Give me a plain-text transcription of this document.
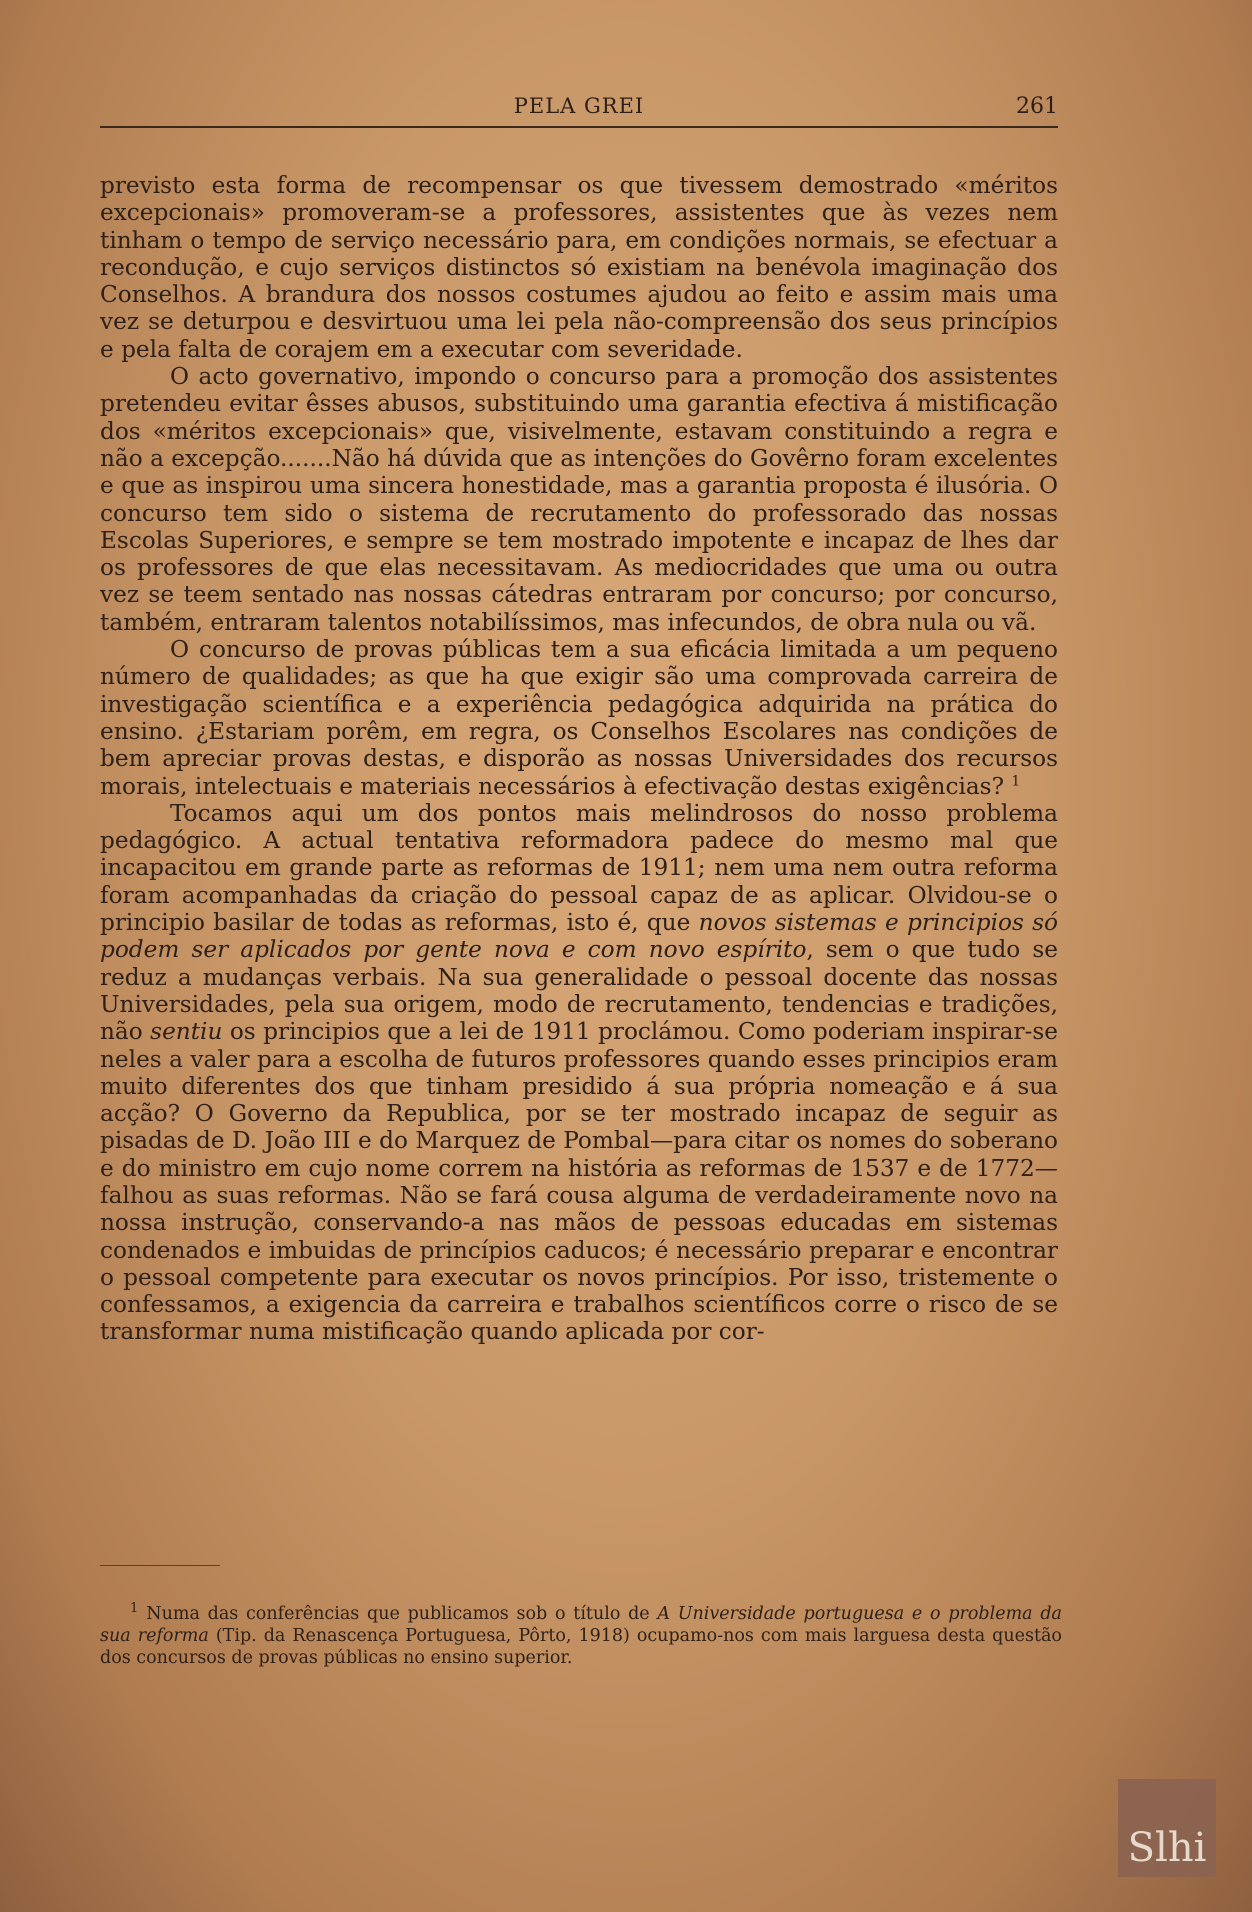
PELA GREI	261

previsto esta forma de recompensar os que tivessem demostrado «méritos excepcionais» promoveram-se a professores, assistentes que às vezes nem tinham o tempo de serviço necessário para, em condições normais, se efectuar a recondução, e cujo serviços distinctos só existiam na benévola imaginação dos Conselhos. A brandura dos nossos costumes ajudou ao feito e assim mais uma vez se deturpou e desvirtuou uma lei pela não-compreensão dos seus princípios e pela falta de corajem em a executar com severidade.

O acto governativo, impondo o concurso para a promoção dos assistentes pretendeu evitar êsses abusos, substituindo uma garantia efectiva á mistificação dos «méritos excepcionais» que, visivelmente, estavam constituindo a regra e não a excepção.......Não há dúvida que as intenções do Govêrno foram excelentes e que as inspirou uma sincera honestidade, mas a garantia proposta é ilusória. O concurso tem sido o sistema de recrutamento do professorado das nossas Escolas Superiores, e sempre se tem mostrado impotente e incapaz de lhes dar os professores de que elas necessitavam. As mediocridades que uma ou outra vez se teem sentado nas nossas cátedras entraram por concurso; por concurso, também, entraram talentos notabilíssimos, mas infecundos, de obra nula ou vã.

O concurso de provas públicas tem a sua eficácia limitada a um pequeno número de qualidades; as que ha que exigir são uma comprovada carreira de investigação scientífica e a experiência pedagógica adquirida na prática do ensino. ¿Estariam porêm, em regra, os Conselhos Escolares nas condições de bem apreciar provas destas, e disporão as nossas Universidades dos recursos morais, intelectuais e materiais necessários à efectivação destas exigências? $^1$

Tocamos aqui um dos pontos mais melindrosos do nosso problema pedagógico. A actual tentativa reformadora padece do mesmo mal que incapacitou em grande parte as reformas de 1911; nem uma nem outra reforma foram acompanhadas da criação do pessoal capaz de as aplicar. Olvidou-se o principio basilar de todas as reformas, isto é, que novos sistemas e principios só podem ser aplicados por gente nova e com novo espírito, sem o que tudo se reduz a mudanças verbais. Na sua generalidade o pessoal docente das nossas Universidades, pela sua origem, modo de recrutamento, tendencias e tradições, não sentiu os principios que a lei de 1911 proclámou. Como poderiam inspirar-se neles a valer para a escolha de futuros professores quando esses principios eram muito diferentes dos que tinham presidido á sua própria nomeação e á sua acção? O Governo da Republica, por se ter mostrado incapaz de seguir as pisadas de D. João III e do Marquez de Pombal—para citar os nomes do soberano e do ministro em cujo nome correm na história as reformas de 1537 e de 1772—falhou as suas reformas. Não se fará cousa alguma de verdadeiramente novo na nossa instrução, conservando-a nas mãos de pessoas educadas em sistemas condenados e imbuidas de princípios caducos; é necessário preparar e encontrar o pessoal competente para executar os novos princípios. Por isso, tristemente o confessamos, a exigencia da carreira e trabalhos scientíficos corre o risco de se transformar numa mistificação quando aplicada por cor-

$^1$ Numa das conferências que publicamos sob o título de A Universidade portuguesa e o problema da sua reforma (Tip. da Renascença Portuguesa, Pôrto, 1918) ocupamo-nos com mais larguesa desta questão dos concursos de provas públicas no ensino superior.
Slhi
